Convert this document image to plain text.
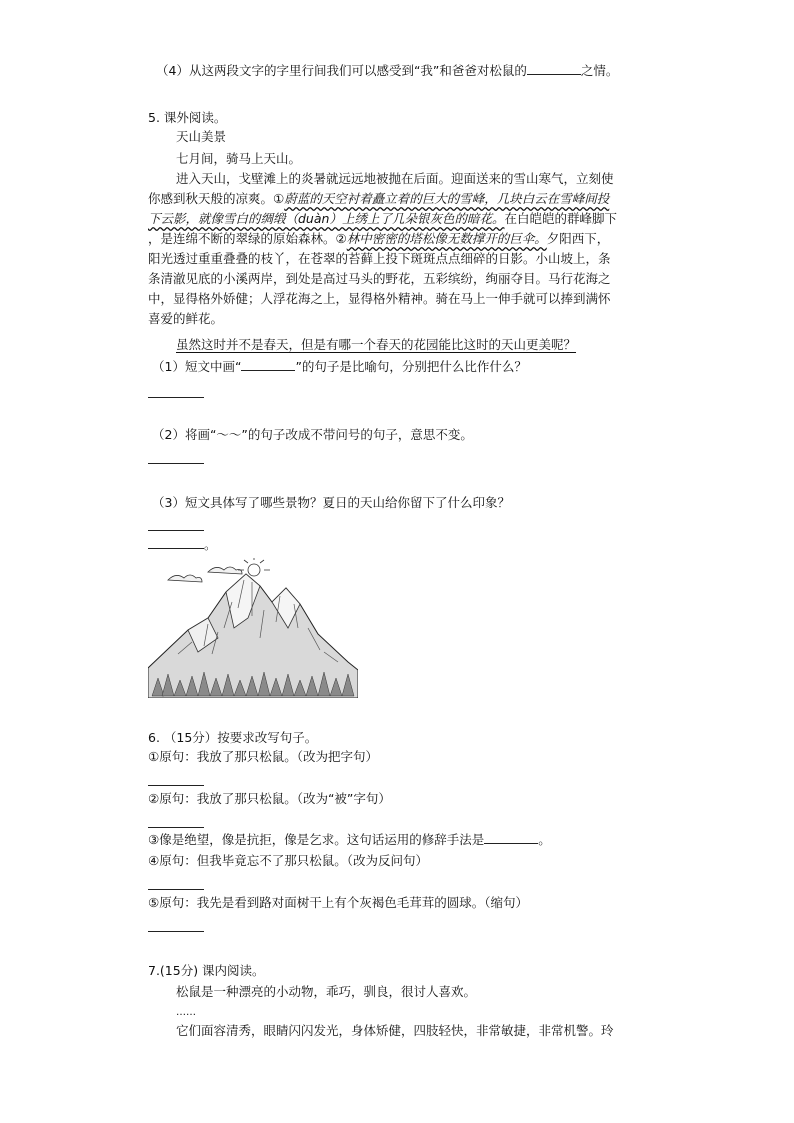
（4）从这两段文字的字里行间我们可以感受到“我”和爸爸对松鼠的	之情。
5. 课外阅读。
天山美景
七月间，骑马上天山。
进入天山，戈壁滩上的炎暑就远远地被抛在后面。迎面送来的雪山寒气，立刻使
你感到秋天般的凉爽。①蔚蓝的天空衬着矗立着的巨大的雪峰，几块白云在雪峰间投
下云影，就像雪白的绸缎（duàn）上绣上了几朵银灰色的暗花。在白皑皑的群峰脚下
，是连绵不断的翠绿的原始森林。②林中密密的塔松像无数撑开的巨伞。夕阳西下，
阳光透过重重叠叠的枝丫，在苍翠的苔藓上投下斑斑点点细碎的日影。小山坡上，条
条清澈见底的小溪两岸，到处是高过马头的野花，五彩缤纷，绚丽夺目。马行花海之
中，显得格外娇健；人浮花海之上，显得格外精神。骑在马上一伸手就可以捧到满怀
喜爱的鲜花。
虽然这时并不是春天，但是有哪一个春天的花园能比这时的天山更美呢？
（1）短文中画“	”的句子是比喻句，分别把什么比作什么？
（2）将画“～～”的句子改成不带问号的句子，意思不变。
（3）短文具体写了哪些景物？夏日的天山给你留下了什么印象？
。
6. （15分）按要求改写句子。
①原句：我放了那只松鼠。（改为把字句）
②原句：我放了那只松鼠。（改为“被”字句）
③像是绝望，像是抗拒，像是乞求。这句话运用的修辞手法是	。
④原句：但我毕竟忘不了那只松鼠。（改为反问句）
⑤原句：我先是看到路对面树干上有个灰褐色毛茸茸的圆球。（缩句）
7.(15分) 课内阅读。
松鼠是一种漂亮的小动物，乖巧，驯良，很讨人喜欢。
……
它们面容清秀，眼睛闪闪发光，身体矫健，四肢轻快，非常敏捷，非常机警。玲
